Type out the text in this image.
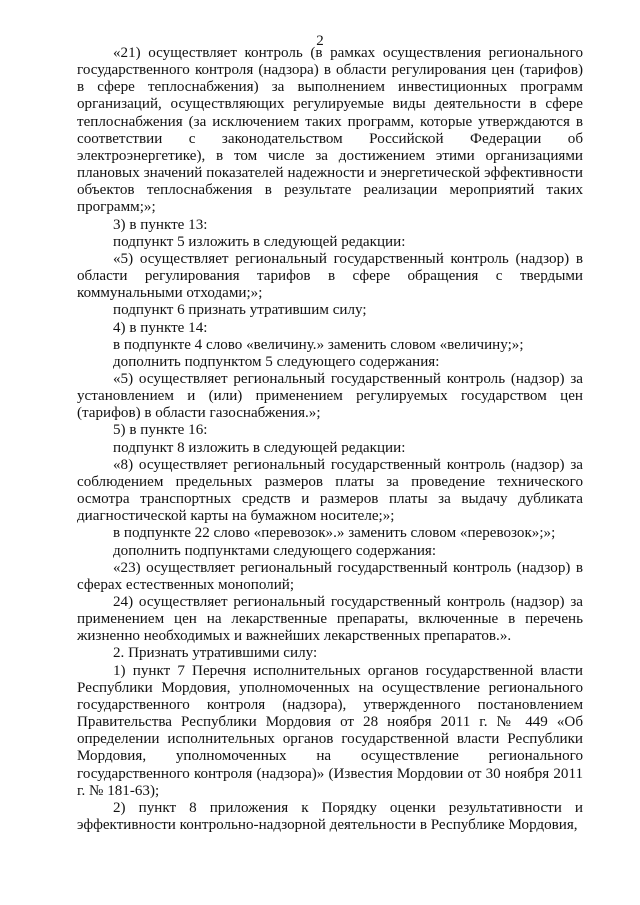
2

«21) осуществляет контроль (в рамках осуществления регионального государственного контроля (надзора) в области регулирования цен (тарифов) в сфере теплоснабжения) за выполнением инвестиционных программ организаций, осуществляющих регулируемые виды деятельности в сфере теплоснабжения (за исключением таких программ, которые утверждаются в соответствии с законодательством Российской Федерации об электроэнергетике), в том числе за достижением этими организациями плановых значений показателей надежности и энергетической эффективности объектов теплоснабжения в результате реализации мероприятий таких программ;»;

3) в пункте 13:

подпункт 5 изложить в следующей редакции:

«5) осуществляет региональный государственный контроль (надзор) в области регулирования тарифов в сфере обращения с твердыми коммунальными отходами;»;

подпункт 6 признать утратившим силу;

4) в пункте 14:

в подпункте 4 слово «величину.» заменить словом «величину;»;

дополнить подпунктом 5 следующего содержания:

«5) осуществляет региональный государственный контроль (надзор) за установлением и (или) применением регулируемых государством цен (тарифов) в области газоснабжения.»;

5) в пункте 16:

подпункт 8 изложить в следующей редакции:

«8) осуществляет региональный государственный контроль (надзор) за соблюдением предельных размеров платы за проведение технического осмотра транспортных средств и размеров платы за выдачу дубликата диагностической карты на бумажном носителе;»;

в подпункте 22 слово «перевозок».» заменить словом «перевозок»;»;

дополнить подпунктами следующего содержания:

«23) осуществляет региональный государственный контроль (надзор) в сферах естественных монополий;

24) осуществляет региональный государственный контроль (надзор) за применением цен на лекарственные препараты, включенные в перечень жизненно необходимых и важнейших лекарственных препаратов.».

2. Признать утратившими силу:

1) пункт 7 Перечня исполнительных органов государственной власти Республики Мордовия, уполномоченных на осуществление регионального государственного контроля (надзора), утвержденного постановлением Правительства Республики Мордовия от 28 ноября 2011 г. № 449 «Об определении исполнительных органов государственной власти Республики Мордовия, уполномоченных на осуществление регионального государственного контроля (надзора)» (Известия Мордовии от 30 ноября 2011 г. № 181-63);

2) пункт 8 приложения к Порядку оценки результативности и эффективности контрольно-надзорной деятельности в Республике Мордовия,
